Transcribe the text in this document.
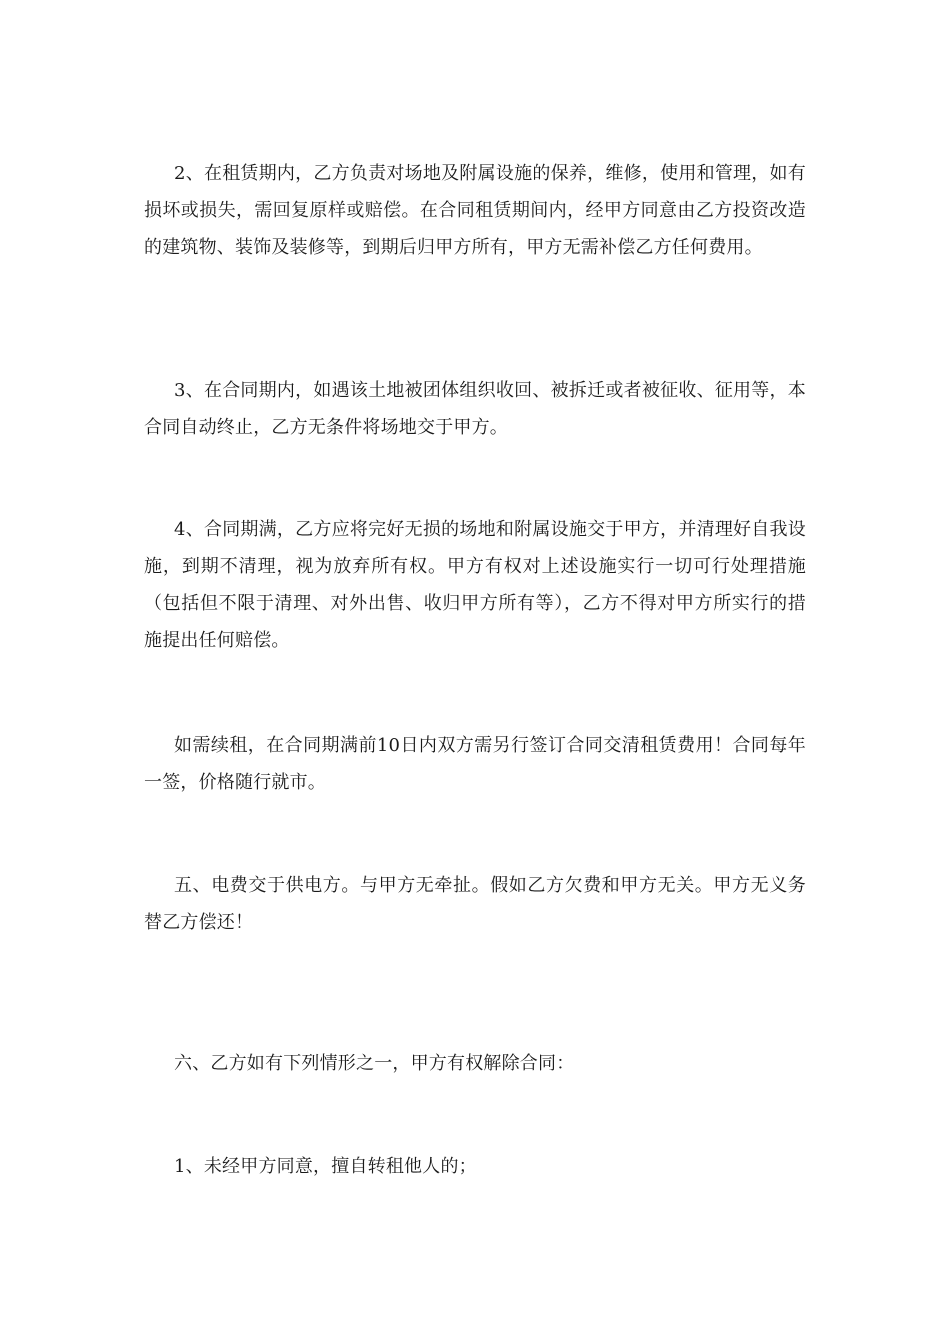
2、在租赁期内，乙方负责对场地及附属设施的保养，维修，使用和管理，如有损坏或损失，需回复原样或赔偿。在合同租赁期间内，经甲方同意由乙方投资改造的建筑物、装饰及装修等，到期后归甲方所有，甲方无需补偿乙方任何费用。

3、在合同期内，如遇该土地被团体组织收回、被拆迁或者被征收、征用等，本合同自动终止，乙方无条件将场地交于甲方。

4、合同期满，乙方应将完好无损的场地和附属设施交于甲方，并清理好自我设施，到期不清理，视为放弃所有权。甲方有权对上述设施实行一切可行处理措施（包括但不限于清理、对外出售、收归甲方所有等），乙方不得对甲方所实行的措施提出任何赔偿。

如需续租，在合同期满前10日内双方需另行签订合同交清租赁费用！合同每年一签，价格随行就市。

五、电费交于供电方。与甲方无牵扯。假如乙方欠费和甲方无关。甲方无义务替乙方偿还！

六、乙方如有下列情形之一，甲方有权解除合同：

1、未经甲方同意，擅自转租他人的；
